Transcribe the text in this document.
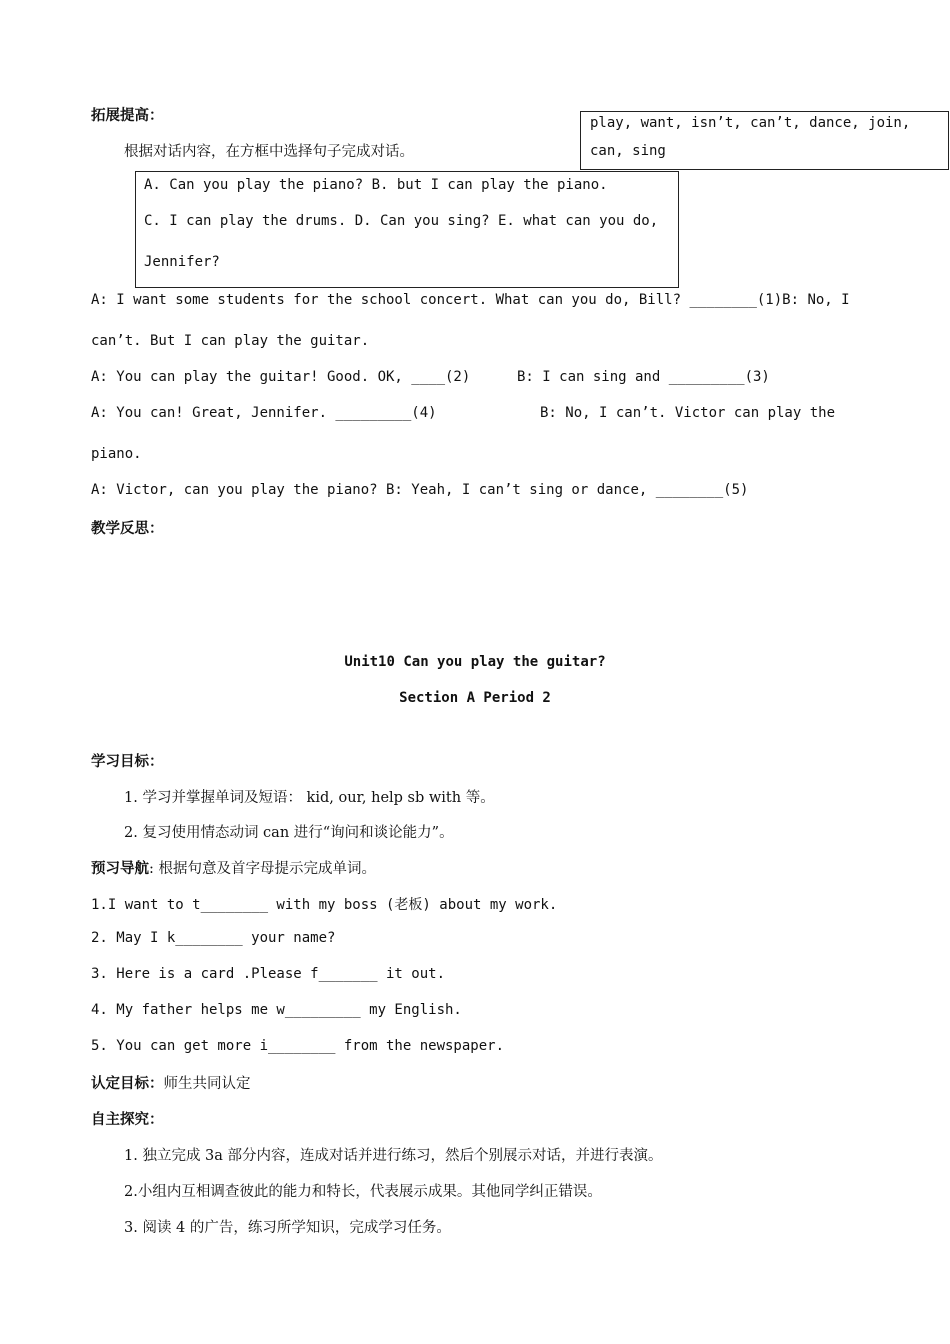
拓展提高：
根据对话内容，在方框中选择句子完成对话。
play, want, isn’t, can’t, dance, join,
can, sing
A. Can you play the piano? B. but I can play the piano.
C. I can play the drums. D. Can you sing? E. what can you do,
Jennifer?
A: I want some students for the school concert. What can you do, Bill? ________(1)B: No, I
can’t. But I can play the guitar.
A: You can play the guitar! Good. OK, ____(2)	B: I can sing and _________(3)
A: You can! Great, Jennifer. _________(4)	B: No, I can’t. Victor can play the
piano.
A: Victor, can you play the piano? B: Yeah, I can’t sing or dance, ________(5)
教学反思：
Unit10 Can you play the guitar?
Section A Period 2
学习目标：
1. 学习并掌握单词及短语： kid, our, help sb with 等。
2. 复习使用情态动词 can 进行“询问和谈论能力”。
预习导航: 根据句意及首字母提示完成单词。
1.I want to t________ with my boss (老板) about my work.
2. May I k________ your name?
3. Here is a card .Please f_______ it out.
4. My father helps me w_________ my English.
5. You can get more i________ from the newspaper.
认定目标：师生共同认定
自主探究：
1. 独立完成 3a 部分内容，连成对话并进行练习，然后个别展示对话，并进行表演。
2.小组内互相调查彼此的能力和特长，代表展示成果。其他同学纠正错误。
3. 阅读 4 的广告，练习所学知识，完成学习任务。
